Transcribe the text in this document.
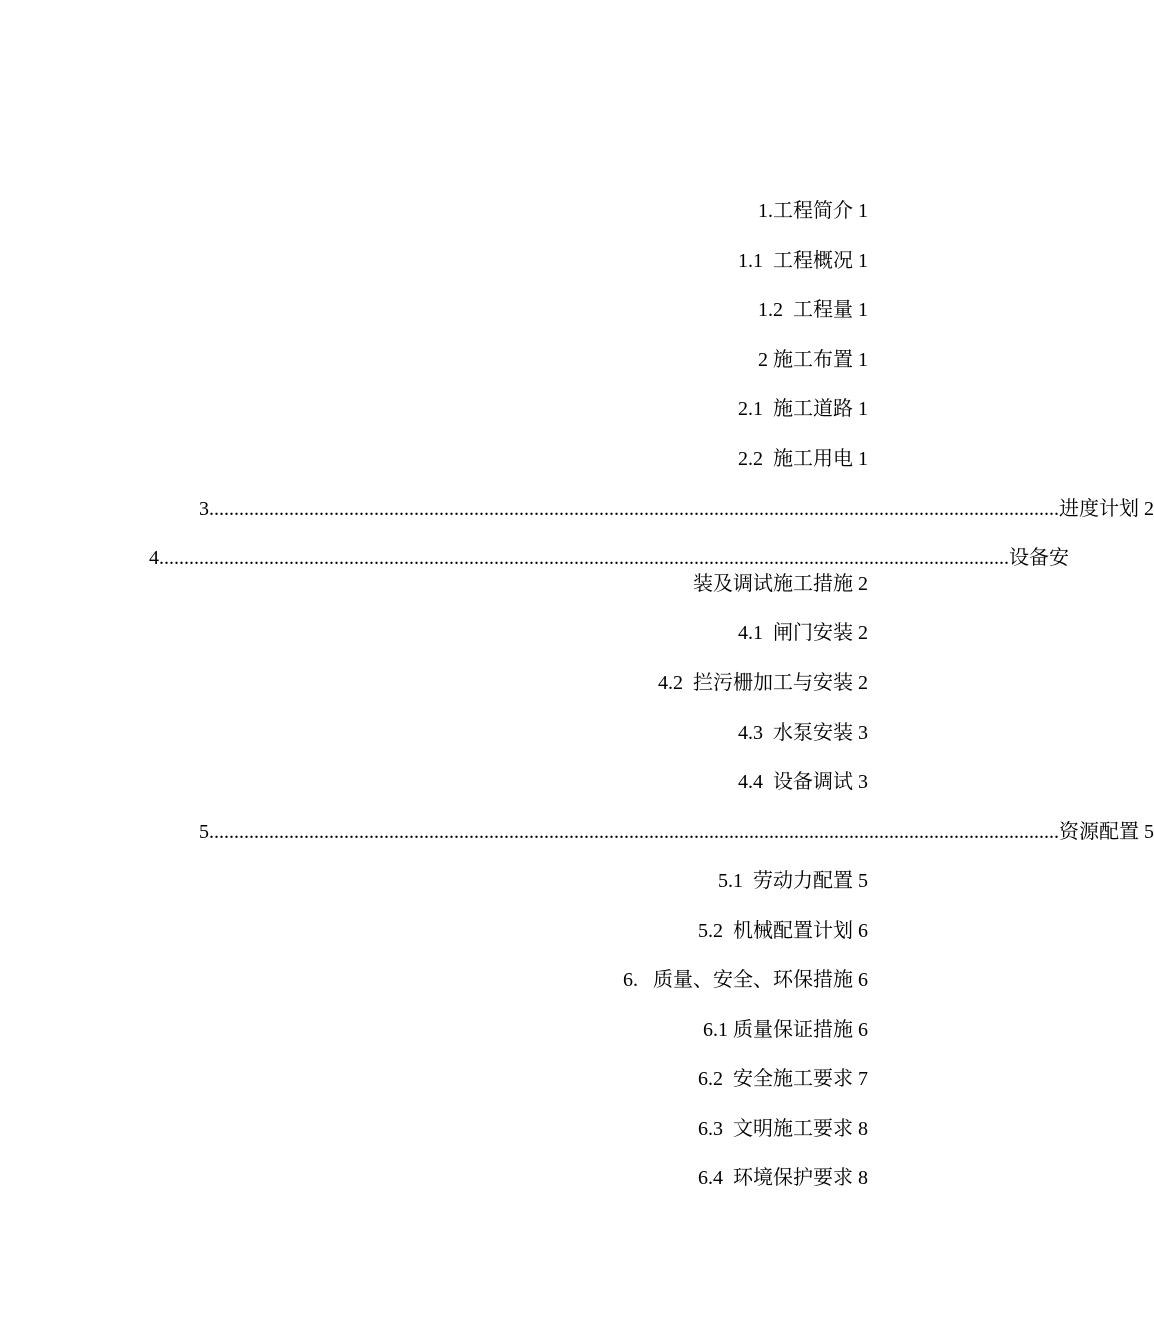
1.工程简介 1
1.1  工程概况 1
1.2  工程量 1
2 施工布置 1
2.1  施工道路 1
2.2  施工用电 1
3 .......................................................................................................................................................................... 进度计划 2
4 .......................................................................................................................................................................... 设备安
装及调试施工措施 2
4.1  闸门安装 2
4.2  拦污栅加工与安装 2
4.3  水泵安装 3
4.4  设备调试 3
5 .......................................................................................................................................................................... 资源配置 5
5.1  劳动力配置 5
5.2  机械配置计划 6
6.   质量、安全、环保措施 6
6.1 质量保证措施 6
6.2  安全施工要求 7
6.3  文明施工要求 8
6.4  环境保护要求 8
